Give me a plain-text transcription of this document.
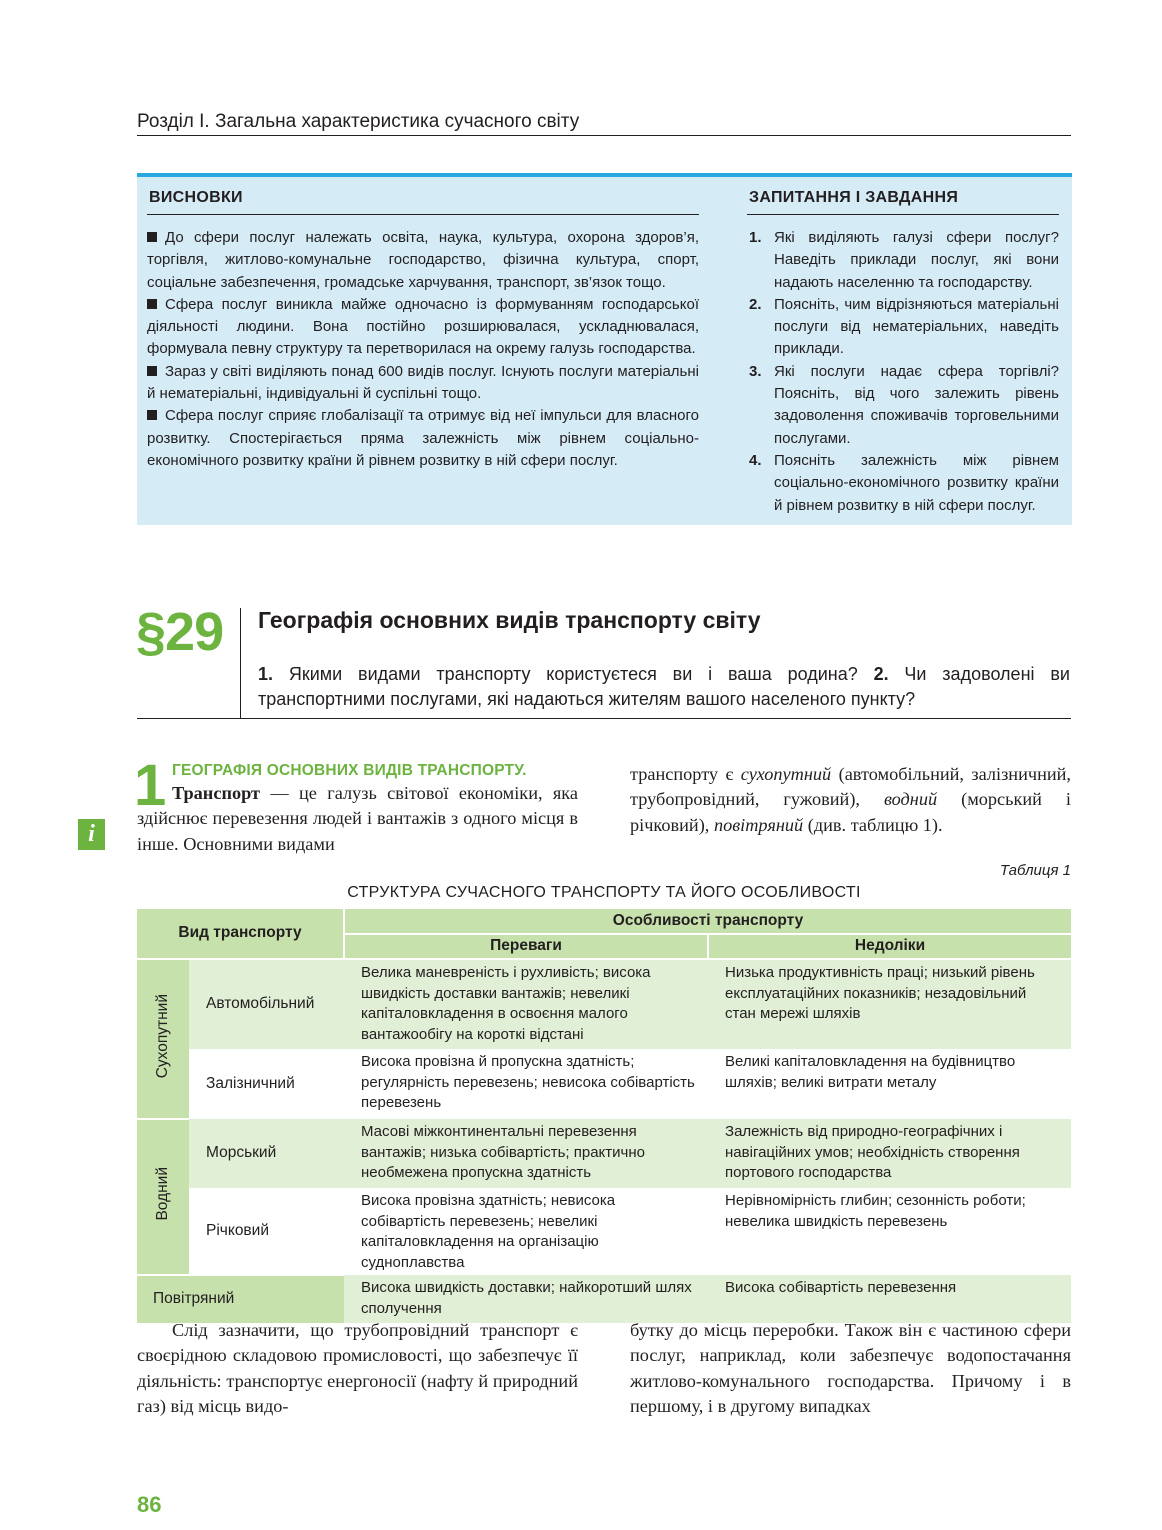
Розділ I. Загальна характеристика сучасного світу
ВИСНОВКИ

До сфери послуг належать освіта, наука, культура, охорона здоров’я, торгівля, житлово-комунальне господарство, фізична культура, спорт, соціальне забезпечення, громадське харчування, транспорт, зв’язок тощо.

Сфера послуг виникла майже одночасно із формуванням господарської діяльності людини. Вона постійно розширювалася, ускладнювалася, формувала певну структуру та перетворилася на окрему галузь господарства.

Зараз у світі виділяють понад 600 видів послуг. Існують послуги матеріальні й нематеріальні, індивідуальні й суспільні тощо.

Сфера послуг сприяє глобалізації та отримує від неї імпульси для власного розвитку. Спостерігається пряма залежність між рівнем соціально-економічного розвитку країни й рівнем розвитку в ній сфери послуг.

ЗАПИТАННЯ І ЗАВДАННЯ
1. Які виділяють галузі сфери послуг? Наведіть приклади послуг, які вони надають населенню та господарству.
2. Поясніть, чим відрізняються матеріальні послуги від нематеріальних, наведіть приклади.
3. Які послуги надає сфера торгівлі? Поясніть, від чого залежить рівень задоволення споживачів торговельними послугами.
4. Поясніть залежність між рівнем соціально-економічного розвитку країни й рівнем розвитку в ній сфери послуг.
§29 Географія основних видів транспорту світу
1. Якими видами транспорту користуєтеся ви і ваша родина? 2. Чи задоволені ви транспортними послугами, які надаються жителям вашого населеного пункту?
1 ГЕОГРАФІЯ ОСНОВНИХ ВИДІВ ТРАНСПОРТУ.
i

Транспорт — це галузь світової економіки, яка здійснює перевезення людей і вантажів з одного місця в інше. Основними видами

транспорту є сухопутний (автомобільний, залізничний, трубопровідний, гужовий), водний (морський і річковий), повітряний (див. таблицю 1).

Таблиця 1
СТРУКТУРА СУЧАСНОГО ТРАНСПОРТУ ТА ЙОГО ОСОБЛИВОСТІ
Вид транспорту		Особливості транспорту	
		Переваги	Недоліки
Сухопутний	Автомобільний	Велика маневреність і рухливість; висока швидкість доставки вантажів; невеликі капіталовкладення в освоєння малого вантажообігу на короткі відстані	Низька продуктивність праці; низький рівень експлуатаційних показників; незадовільний стан мережі шляхів
	Залізничний	Висока провізна й пропускна здатність; регулярність перевезень; невисока собівартість перевезень	Великі капіталовкладення на будівництво шляхів; великі витрати металу
Водний	Морський	Масові міжконтинентальні перевезення вантажів; низька собівартість; практично необмежена пропускна здатність	Залежність від природно-географічних і навігаційних умов; необхідність створення портового господарства
	Річковий	Висока провізна здатність; невисока собівартість перевезень; невеликі капіталовкладення на організацію судноплавства	Нерівномірність глибин; сезонність роботи; невелика швидкість перевезень
Повітряний		Висока швидкість доставки; найкоротший шлях сполучення	Висока собівартість перевезення

Слід зазначити, що трубопровідний транспорт є своєрідною складовою промисловості, що забезпечує її діяльність: транспортує енергоносії (нафту й природний газ) від місць видо-

бутку до місць переробки. Також він є частиною сфери послуг, наприклад, коли забезпечує водопостачання житлово-комунального господарства. Причому і в першому, і в другому випадках

86
